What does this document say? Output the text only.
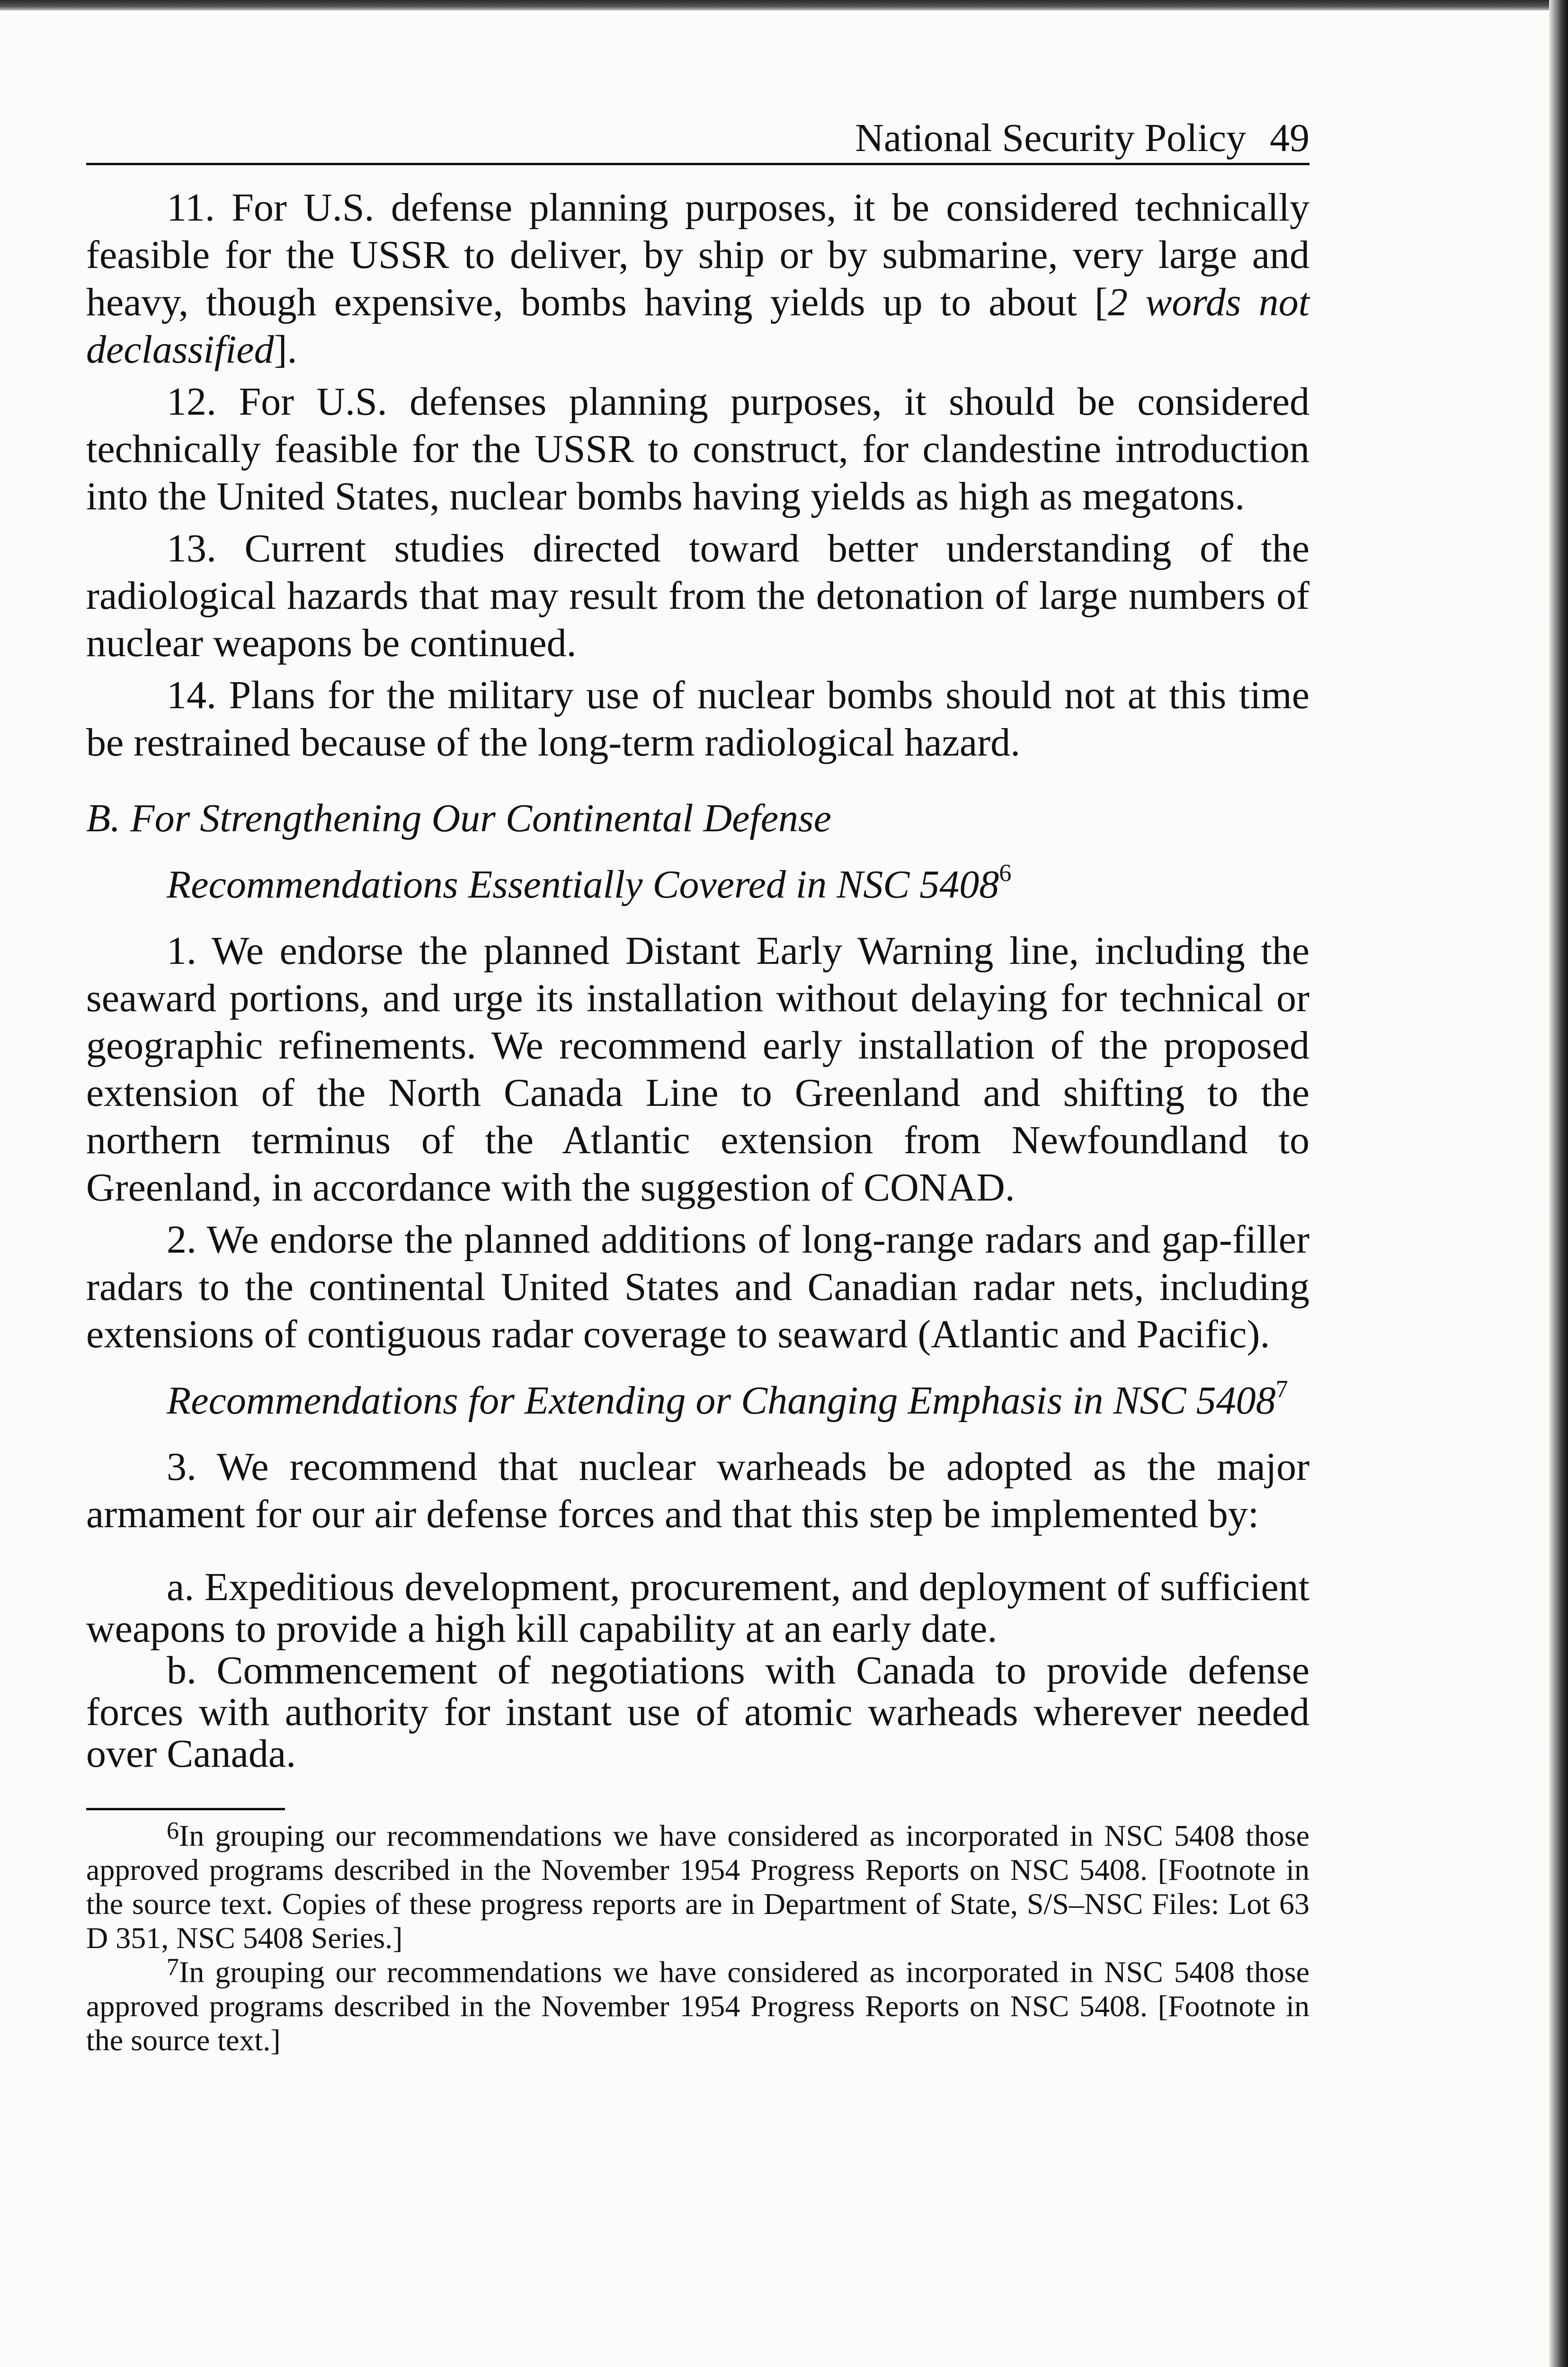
National Security Policy 49

11. For U.S. defense planning purposes, it be considered technically feasible for the USSR to deliver, by ship or by submarine, very large and heavy, though expensive, bombs having yields up to about [2 words not declassified].

12. For U.S. defenses planning purposes, it should be considered technically feasible for the USSR to construct, for clandestine introduction into the United States, nuclear bombs having yields as high as megatons.

13. Current studies directed toward better understanding of the radiological hazards that may result from the detonation of large numbers of nuclear weapons be continued.

14. Plans for the military use of nuclear bombs should not at this time be restrained because of the long-term radiological hazard.

B. For Strengthening Our Continental Defense
Recommendations Essentially Covered in NSC 5408$^6$

1. We endorse the planned Distant Early Warning line, including the seaward portions, and urge its installation without delaying for technical or geographic refinements. We recommend early installation of the proposed extension of the North Canada Line to Greenland and shifting to the northern terminus of the Atlantic extension from Newfoundland to Greenland, in accordance with the suggestion of CONAD.

2. We endorse the planned additions of long-range radars and gap-filler radars to the continental United States and Canadian radar nets, including extensions of contiguous radar coverage to seaward (Atlantic and Pacific).

Recommendations for Extending or Changing Emphasis in NSC 5408$^7$

3. We recommend that nuclear warheads be adopted as the major armament for our air defense forces and that this step be implemented by:

a. Expeditious development, procurement, and deployment of sufficient weapons to provide a high kill capability at an early date.

b. Commencement of negotiations with Canada to provide defense forces with authority for instant use of atomic warheads wherever needed over Canada.

$^6$In grouping our recommendations we have considered as incorporated in NSC 5408 those approved programs described in the November 1954 Progress Reports on NSC 5408. [Footnote in the source text. Copies of these progress reports are in Department of State, S/S–NSC Files: Lot 63 D 351, NSC 5408 Series.]

$^7$In grouping our recommendations we have considered as incorporated in NSC 5408 those approved programs described in the November 1954 Progress Reports on NSC 5408. [Footnote in the source text.]
